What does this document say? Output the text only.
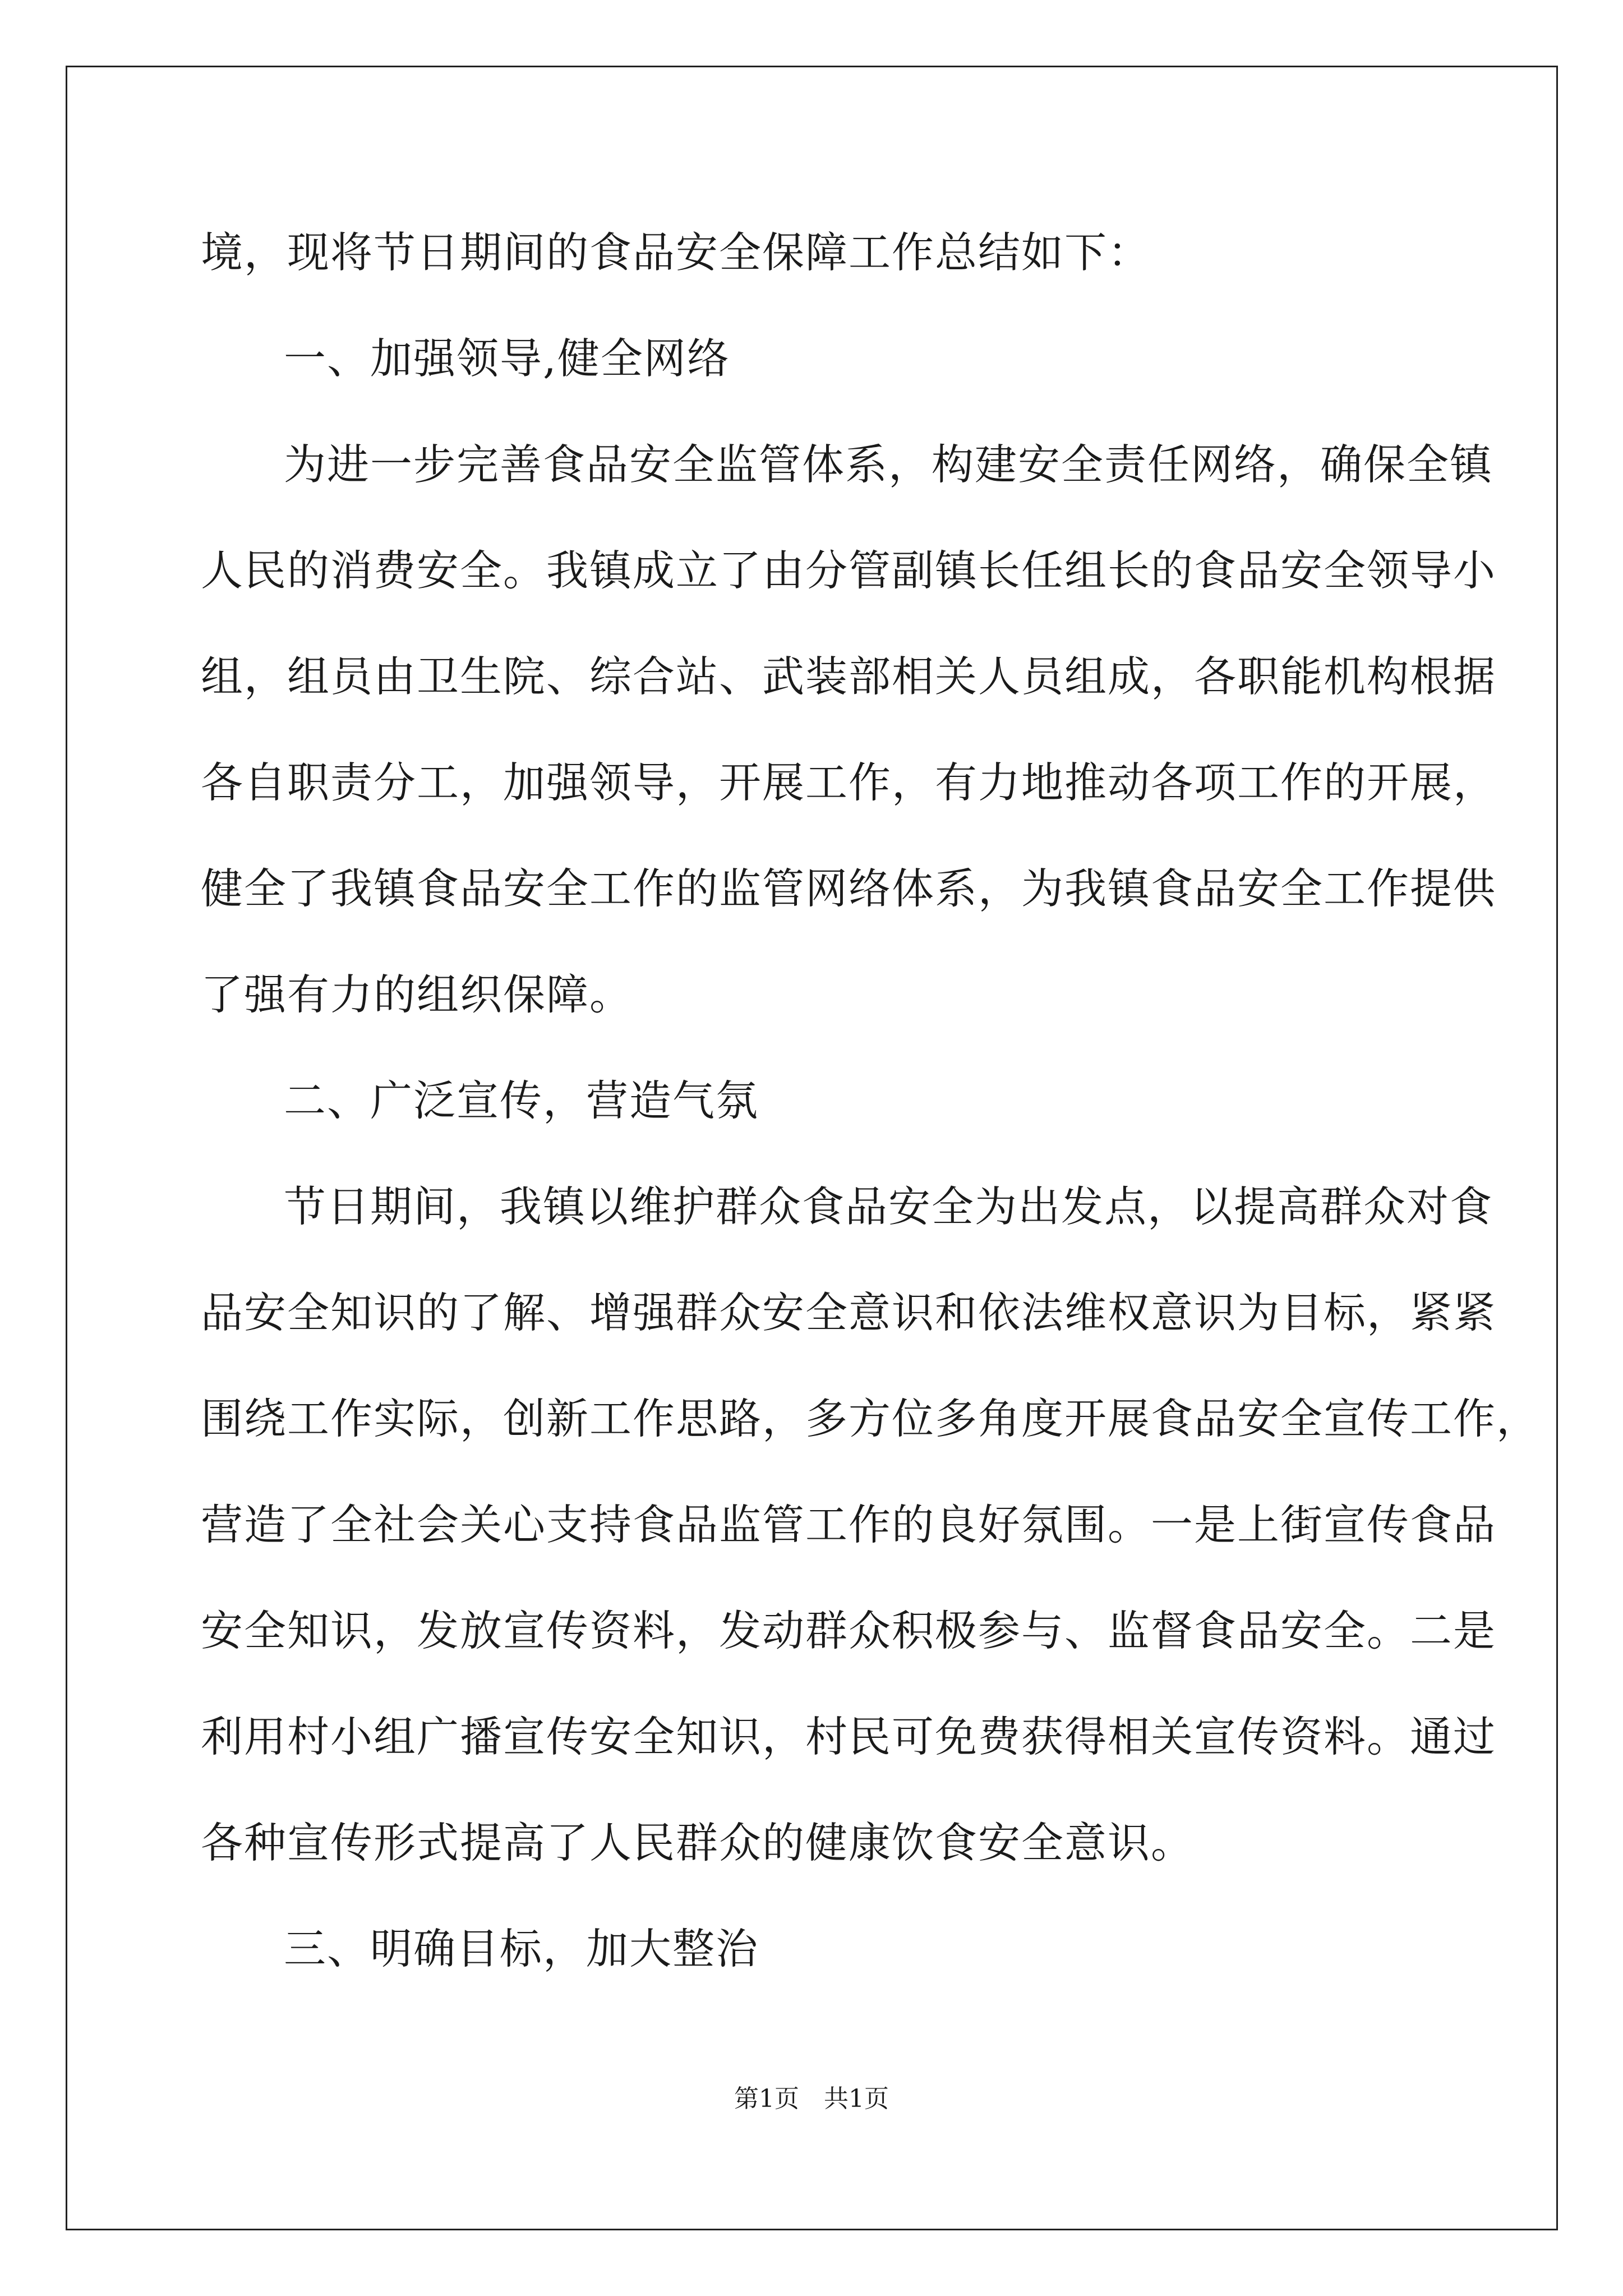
境，现将节日期间的食品安全保障工作总结如下：
一、加强领导,健全网络
为进一步完善食品安全监管体系，构建安全责任网络，确保全镇
人民的消费安全。我镇成立了由分管副镇长任组长的食品安全领导小
组，组员由卫生院、综合站、武装部相关人员组成，各职能机构根据
各自职责分工，加强领导，开展工作，有力地推动各项工作的开展，
健全了我镇食品安全工作的监管网络体系，为我镇食品安全工作提供
了强有力的组织保障。
二、广泛宣传，营造气氛
节日期间，我镇以维护群众食品安全为出发点，以提高群众对食
品安全知识的了解、增强群众安全意识和依法维权意识为目标，紧紧
围绕工作实际，创新工作思路，多方位多角度开展食品安全宣传工作，
营造了全社会关心支持食品监管工作的良好氛围。一是上街宣传食品
安全知识，发放宣传资料，发动群众积极参与、监督食品安全。二是
利用村小组广播宣传安全知识，村民可免费获得相关宣传资料。通过
各种宣传形式提高了人民群众的健康饮食安全意识。
三、明确目标，加大整治
第1页　共1页
